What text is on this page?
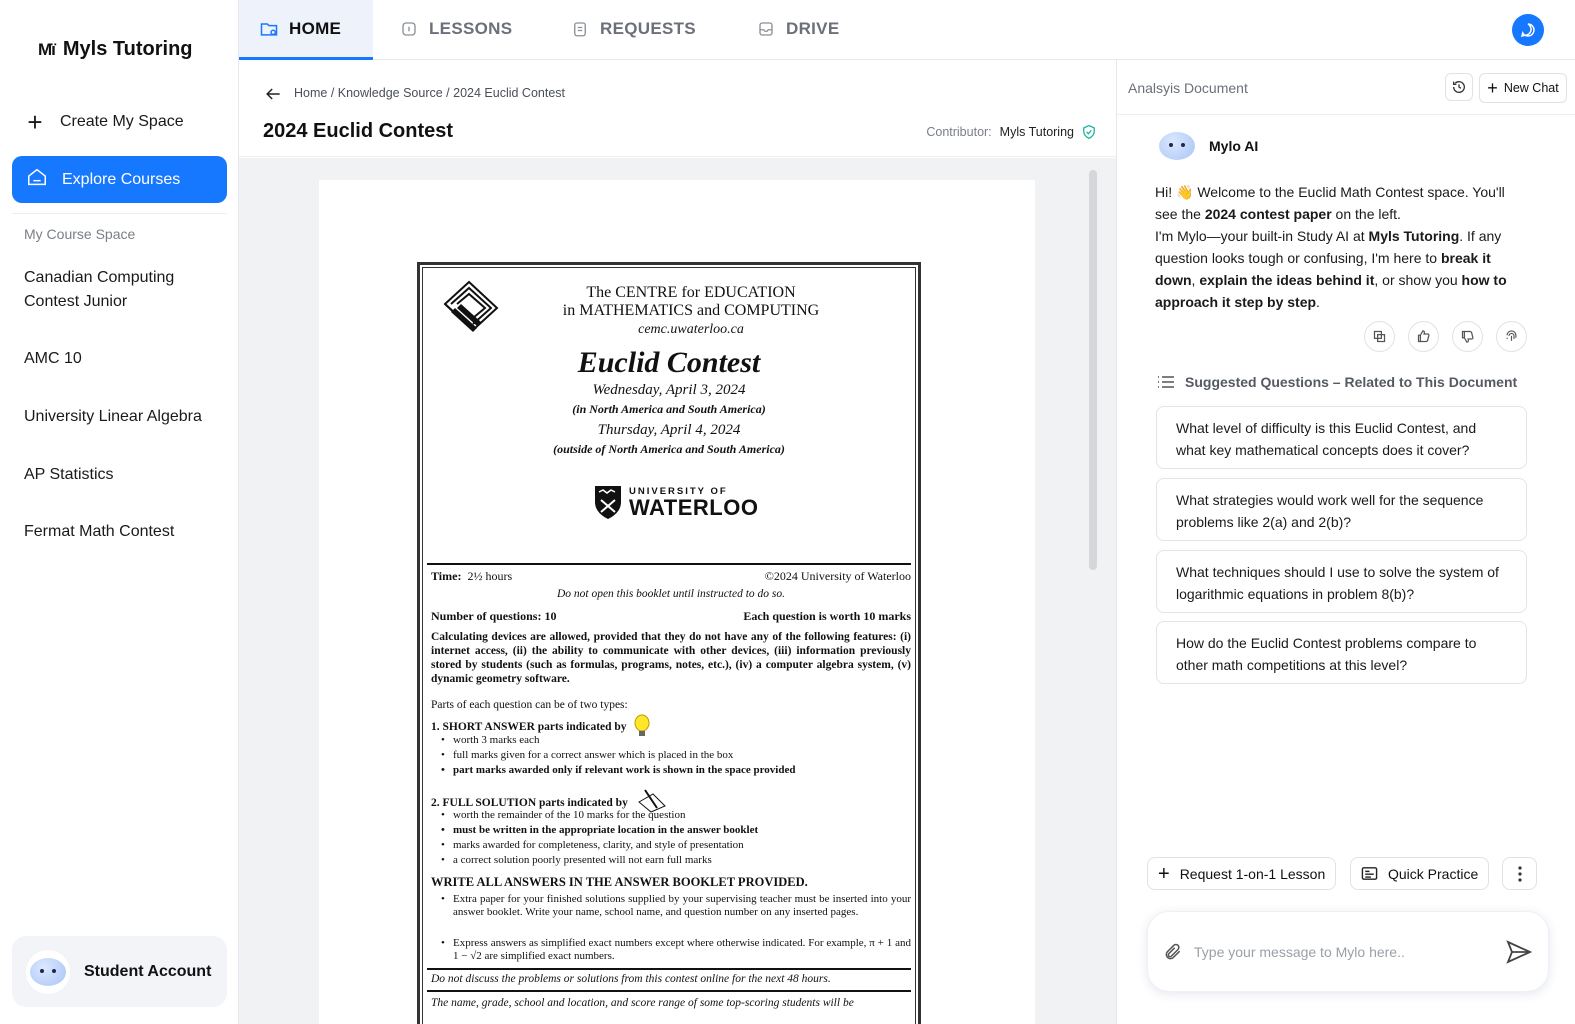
Mï Myls Tutoring
+ Create My Space
Explore Courses
My Course Space
Canadian Computing Contest Junior
AMC 10
University Linear Algebra
AP Statistics
Fermat Math Contest
Student Account
HOME	LESSONS	REQUESTS	DRIVE
Home / Knowledge Source / 2024 Euclid Contest
2024 Euclid Contest	Contributor: Myls Tutoring
The CENTRE for EDUCATION
in MATHEMATICS and COMPUTING
cemc.uwaterloo.ca
Euclid Contest
Wednesday, April 3, 2024
(in North America and South America)
Thursday, April 4, 2024
(outside of North America and South America)
UNIVERSITY OF
WATERLOO
Time: 2½ hours	©2024 University of Waterloo
Do not open this booklet until instructed to do so.
Number of questions: 10	Each question is worth 10 marks
Calculating devices are allowed, provided that they do not have any of the following features: (i) internet access, (ii) the ability to communicate with other devices, (iii) information previously stored by students (such as formulas, programs, notes, etc.), (iv) a computer algebra system, (v) dynamic geometry software.
Parts of each question can be of two types:
1. SHORT ANSWER parts indicated by
• worth 3 marks each
• full marks given for a correct answer which is placed in the box
• part marks awarded only if relevant work is shown in the space provided
2. FULL SOLUTION parts indicated by
• worth the remainder of the 10 marks for the question
• must be written in the appropriate location in the answer booklet
• marks awarded for completeness, clarity, and style of presentation
• a correct solution poorly presented will not earn full marks
WRITE ALL ANSWERS IN THE ANSWER BOOKLET PROVIDED.
• Extra paper for your finished solutions supplied by your supervising teacher must be inserted into your answer booklet. Write your name, school name, and question number on any inserted pages.
• Express answers as simplified exact numbers except where otherwise indicated. For example, π + 1 and 1 − √2 are simplified exact numbers.
Do not discuss the problems or solutions from this contest online for the next 48 hours.
The name, grade, school and location, and score range of some top-scoring students will be
Analsyis Document	+ New Chat
Mylo AI
Hi! 👋 Welcome to the Euclid Math Contest space. You'll see the 2024 contest paper on the left.
I'm Mylo—your built-in Study AI at Myls Tutoring. If any question looks tough or confusing, I'm here to break it down, explain the ideas behind it, or show you how to approach it step by step.
Suggested Questions – Related to This Document
What level of difficulty is this Euclid Contest, and what key mathematical concepts does it cover?
What strategies would work well for the sequence problems like 2(a) and 2(b)?
What techniques should I use to solve the system of logarithmic equations in problem 8(b)?
How do the Euclid Contest problems compare to other math competitions at this level?
+ Request 1-on-1 Lesson	Quick Practice
Type your message to Mylo here..
